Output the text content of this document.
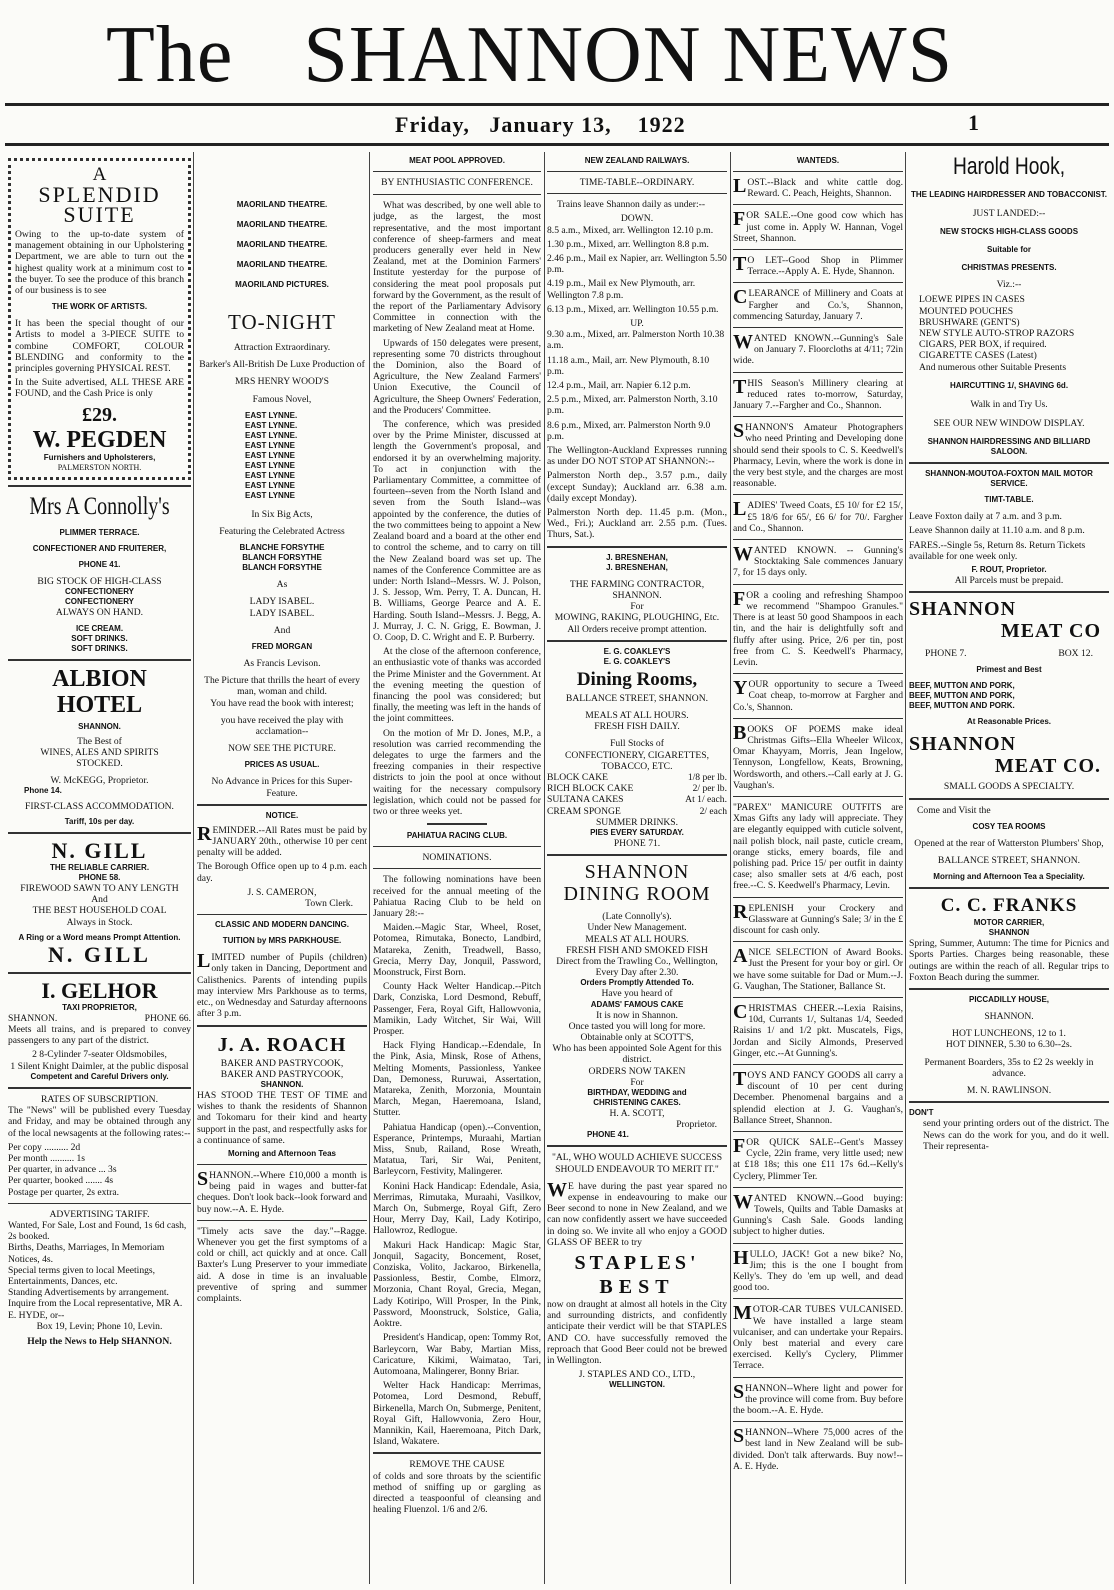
The SHANNON NEWS
Friday, January 13, 1922	1
A
SPLENDID
SUITE

Owing to the up-to-date system of management obtaining in our Upholstering Department, we are able to turn out the highest quality work at a minimum cost to the buyer. To see the produce of this branch of our business is to see

THE WORK OF ARTISTS.

It has been the special thought of our Artists to model a 3-PIECE SUITE to combine COMFORT, COLOUR BLENDING and conformity to the principles governing PHYSICAL REST.

In the Suite advertised, ALL THESE ARE FOUND, and the Cash Price is only

£29.
W. PEGDEN
Furnishers and Upholsterers,
PALMERSTON NORTH.
Mrs A Connolly's
PLIMMER TERRACE.
CONFECTIONER AND FRUITERER,
PHONE 41.
BIG STOCK OF HIGH-CLASS
CONFECTIONERY
CONFECTIONERY
ALWAYS ON HAND.
ICE CREAM.
SOFT DRINKS.
SOFT DRINKS.
ALBION
HOTEL
SHANNON.
The Best of
WINES, ALES AND SPIRITS
STOCKED.
W. McKEGG, Proprietor.
Phone 14.
FIRST-CLASS ACCOMMODATION.
Tariff, 10s per day.
N. GILL
THE RELIABLE CARRIER.
PHONE 58.
FIREWOOD SAWN TO ANY LENGTH
And
THE BEST HOUSEHOLD COAL
Always in Stock.
A Ring or a Word means Prompt Attention.
N. GILL
I. GELHOR
TAXI PROPRIETOR,
SHANNON.	PHONE 66.

Meets all trains, and is prepared to convey passengers to any part of the district.

2 8-Cylinder 7-seater Oldsmobiles,
1 Silent Knight Daimler, at the public disposal
Competent and Careful Drivers only.
RATES OF SUBSCRIPTION.

The "News" will be published every Tuesday and Friday, and may be obtained through any of the local newsagents at the following rates:--

Per copy .......... 2d
Per month .......... 1s
Per quarter, in advance ... 3s
Per quarter, booked ....... 4s
Postage per quarter, 2s extra.
ADVERTISING TARIFF.
Wanted, For Sale, Lost and Found, 1s 6d cash, 2s booked.
Births, Deaths, Marriages, In Memoriam Notices, 4s.
Special terms given to local Meetings, Entertainments, Dances, etc.
Standing Advertisements by arrangement.
Inquire from the Local representative, MR A. E. HYDE, or--
Box 19, Levin; Phone 10, Levin.
Help the News to Help SHANNON.
MAORILAND THEATRE.
MAORILAND THEATRE.
MAORILAND THEATRE.
MAORILAND THEATRE.
MAORILAND PICTURES.
TO-NIGHT
Attraction Extraordinary.
Barker's All-British De Luxe Production of
MRS HENRY WOOD'S
Famous Novel,
EAST LYNNE.
EAST LYNNE.
EAST LYNNE.
EAST LYNNE
EAST LYNNE
EAST LYNNE
EAST LYNNE
EAST LYNNE
EAST LYNNE
In Six Big Acts,
Featuring the Celebrated Actress
BLANCHE FORSYTHE
BLANCH FORSYTHE
BLANCH FORSYTHE
As
LADY ISABEL.
LADY ISABEL.
And
FRED MORGAN
As Francis Levison.
The Picture that thrills the heart of every man, woman and child.
You have read the book with interest;
you have received the play with acclamation--
NOW SEE THE PICTURE.
PRICES AS USUAL.
No Advance in Prices for this Super-Feature.
NOTICE.

REMINDER.--All Rates must be paid by JANUARY 20th., otherwise 10 per cent penalty will be added.

The Borough Office open up to 4 p.m. each day.

J. S. CAMERON,
Town Clerk.
CLASSIC AND MODERN DANCING.
TUITION by MRS PARKHOUSE.

LIMITED number of Pupils (children) only taken in Dancing, Deportment and Calisthenics. Parents of intending pupils may interview Mrs Parkhouse as to terms, etc., on Wednesday and Saturday afternoons after 3 p.m.

J. A. ROACH
BAKER AND PASTRYCOOK,
BAKER AND PASTRYCOOK,
SHANNON.

HAS STOOD THE TEST OF TIME and wishes to thank the residents of Shannon and Tokomaru for their kind and hearty support in the past, and respectfully asks for a continuance of same.

Morning and Afternoon Teas

SHANNON.--Where £10,000 a month is being paid in wages and butter-fat cheques. Don't look back--look forward and buy now.--A. E. Hyde.

"Timely acts save the day."--Ragge. Whenever you get the first symptoms of a cold or chill, act quickly and at once. Call Baxter's Lung Preserver to your immediate aid. A dose in time is an invaluable preventive of spring and summer complaints.

MEAT POOL APPROVED.
BY ENTHUSIASTIC CONFERENCE.

What was described, by one well able to judge, as the largest, the most representative, and the most important conference of sheep-farmers and meat producers generally ever held in New Zealand, met at the Dominion Farmers' Institute yesterday for the purpose of considering the meat pool proposals put forward by the Government, as the result of the report of the Parliamentary Advisory Committee in connection with the marketing of New Zealand meat at Home.

Upwards of 150 delegates were present, representing some 70 districts throughout the Dominion, also the Board of Agriculture, the New Zealand Farmers' Union Executive, the Council of Agriculture, the Sheep Owners' Federation, and the Producers' Committee.

The conference, which was presided over by the Prime Minister, discussed at length the Government's proposal, and endorsed it by an overwhelming majority. To act in conjunction with the Parliamentary Committee, a committee of fourteen--seven from the North Island and seven from the South Island--was appointed by the conference, the duties of the two committees being to appoint a New Zealand board and a board at the other end to control the scheme, and to carry on till the New Zealand board was set up. The names of the Conference Committee are as under: North Island--Messrs. W. J. Polson, J. S. Jessop, Wm. Perry, T. A. Duncan, H. B. Williams, George Pearce and A. E. Harding. South Island--Messrs. J. Begg, A. J. Murray, J. C. N. Grigg, E. Bowman, J. O. Coop, D. C. Wright and E. P. Burberry.

At the close of the afternoon conference, an enthusiastic vote of thanks was accorded the Prime Minister and the Government. At the evening meeting the question of financing the pool was considered; but finally, the meeting was left in the hands of the joint committees.

On the motion of Mr D. Jones, M.P., a resolution was carried recommending the delegates to urge the farmers and the freezing companies in their respective districts to join the pool at once without waiting for the necessary compulsory legislation, which could not be passed for two or three weeks yet.

PAHIATUA RACING CLUB.
NOMINATIONS.

The following nominations have been received for the annual meeting of the Pahiatua Racing Club to be held on January 28:--

Maiden.--Magic Star, Wheel, Roset, Potomea, Rimutaka, Bonecto, Landbird, Matareka, Zenith, Treadwell, Basso, Grecia, Merry Day, Jonquil, Password, Moonstruck, First Born.

County Hack Welter Handicap.--Pitch Dark, Conziska, Lord Desmond, Rebuff, Passenger, Fera, Royal Gift, Hallowvonia, Mamikin, Lady Witchet, Sir Wai, Will Prosper.

Hack Flying Handicap.--Edendale, In the Pink, Asia, Minsk, Rose of Athens, Melting Moments, Passionless, Yankee Dan, Demoness, Ruruwai, Assertation, Matareka, Zenith, Morzonia, Mountain March, Megan, Haeremoana, Island, Stutter.

Pahiatua Handicap (open).--Convention, Esperance, Printemps, Muraahi, Martian Miss, Snub, Railand, Rose Wreath, Matatua, Tari, Sir Wai, Penitent, Barleycorn, Festivity, Malingerer.

Konini Hack Handicap: Edendale, Asia, Merrimas, Rimutaka, Muraahi, Vasilkov, March On, Submerge, Royal Gift, Zero Hour, Merry Day, Kail, Lady Kotiripo, Hallowroz, Redlogue.

Makuri Hack Handicap: Magic Star, Jonquil, Sagacity, Boncement, Roset, Conziska, Volito, Jackaroo, Birkenella, Passionless, Bestir, Combe, Elmorz, Morzonia, Chant Royal, Grecia, Megan, Lady Kotiripo, Will Prosper, In the Pink, Password, Moonstruck, Solstice, Galia, Aoktre.

President's Handicap, open: Tommy Rot, Barleycorn, War Baby, Martian Miss, Caricature, Kikimi, Waimatao, Tari, Automoana, Malingerer, Bonny Briar.

Welter Hack Handicap: Merrimas, Potomea, Lord Desmond, Rebuff, Birkenella, March On, Submerge, Penitent, Royal Gift, Hallowvonia, Zero Hour, Mannikin, Kail, Haeremoana, Pitch Dark, Island, Wakatere.

REMOVE THE CAUSE

of colds and sore throats by the scientific method of sniffing up or gargling as directed a teaspoonful of cleansing and healing Fluenzol. 1/6 and 2/6.

NEW ZEALAND RAILWAYS.
TIME-TABLE--ORDINARY.

Trains leave Shannon daily as under:--

DOWN.

8.5 a.m., Mixed, arr. Wellington 12.10 p.m.

1.30 p.m., Mixed, arr. Wellington 8.8 p.m.

2.46 p.m., Mail ex Napier, arr. Wellington 5.50 p.m.

4.19 p.m., Mail ex New Plymouth, arr. Wellington 7.8 p.m.

6.13 p.m., Mixed, arr. Wellington 10.55 p.m.

UP.

9.30 a.m., Mixed, arr. Palmerston North 10.38 a.m.

11.18 a.m., Mail, arr. New Plymouth, 8.10 p.m.

12.4 p.m., Mail, arr. Napier 6.12 p.m.

2.5 p.m., Mixed, arr. Palmerston North, 3.10 p.m.

8.6 p.m., Mixed, arr. Palmerston North 9.0 p.m.

The Wellington-Auckland Expresses running as under DO NOT STOP AT SHANNON:--

Palmerston North dep., 3.57 p.m., daily (except Sunday); Auckland arr. 6.38 a.m. (daily except Monday).

Palmerston North dep. 11.45 p.m. (Mon., Wed., Fri.); Auckland arr. 2.55 p.m. (Tues. Thurs, Sat.).

J. BRESNEHAN,
J. BRESNEHAN,
THE FARMING CONTRACTOR,
SHANNON.
For
MOWING, RAKING, PLOUGHING, Etc.
All Orders receive prompt attention.
E. G. COAKLEY'S
E. G. COAKLEY'S
Dining Rooms,
BALLANCE STREET, SHANNON.
MEALS AT ALL HOURS.
FRESH FISH DAILY.
Full Stocks of
CONFECTIONERY, CIGARETTES, TOBACCO, ETC.
BLOCK CAKE	1/8 per lb.
RICH BLOCK CAKE	2/ per lb.
SULTANA CAKES	At 1/ each.
CREAM SPONGE	2/ each
SUMMER DRINKS.
PIES EVERY SATURDAY.
PHONE 71.
SHANNON
DINING ROOM
(Late Connolly's).
Under New Management.
MEALS AT ALL HOURS.
FRESH FISH AND SMOKED FISH
Direct from the Trawling Co., Wellington, Every Day after 2.30.
Orders Promptly Attended To.
Have you heard of
ADAMS' FAMOUS CAKE
It is now in Shannon.
Once tasted you will long for more. Obtainable only at SCOTT'S,
Who has been appointed Sole Agent for this district.
ORDERS NOW TAKEN
For
BIRTHDAY, WEDDING and
CHRISTENING CAKES.
H. A. SCOTT,
Proprietor.
PHONE 41.
"AL, WHO WOULD ACHIEVE SUCCESS SHOULD ENDEAVOUR TO MERIT IT."

WE have during the past year spared no expense in endeavouring to make our Beer second to none in New Zealand, and we can now confidently assert we have succeeded in doing so. We invite all who enjoy a GOOD GLASS OF BEER to try

STAPLES'
BEST

now on draught at almost all hotels in the City and surrounding districts, and confidently anticipate their verdict will be that STAPLES AND CO. have successfully removed the reproach that Good Beer could not be brewed in Wellington.

J. STAPLES AND CO., LTD.,
WELLINGTON.
WANTEDS.

LOST.--Black and white cattle dog. Reward. C. Peach, Heights, Shannon.

FOR SALE.--One good cow which has just come in. Apply W. Hannan, Vogel Street, Shannon.

TO LET--Good Shop in Plimmer Terrace.--Apply A. E. Hyde, Shannon.

CLEARANCE of Millinery and Coats at Fargher and Co.'s, Shannon, commencing Saturday, January 7.

WANTED KNOWN.--Gunning's Sale on January 7. Floorcloths at 4/11; 72in wide.

THIS Season's Millinery clearing at reduced rates to-morrow, Saturday, January 7.--Fargher and Co., Shannon.

SHANNON'S Amateur Photographers who need Printing and Developing done should send their spools to C. S. Keedwell's Pharmacy, Levin, where the work is done in the very best style, and the charges are most reasonable.

LADIES' Tweed Coats, £5 10/ for £2 15/, £5 18/6 for 65/, £6 6/ for 70/. Fargher and Co., Shannon.

WANTED KNOWN. -- Gunning's Stocktaking Sale commences January 7, for 15 days only.

FOR a cooling and refreshing Shampoo we recommend "Shampoo Granules." There is at least 50 good Shampoos in each tin, and the hair is delightfully soft and fluffy after using. Price, 2/6 per tin, post free from C. S. Keedwell's Pharmacy, Levin.

YOUR opportunity to secure a Tweed Coat cheap, to-morrow at Fargher and Co.'s, Shannon.

BOOKS OF POEMS make ideal Christmas Gifts--Ella Wheeler Wilcox, Omar Khayyam, Morris, Jean Ingelow, Tennyson, Longfellow, Keats, Browning, Wordsworth, and others.--Call early at J. G. Vaughan's.

"PAREX" MANICURE OUTFITS are Xmas Gifts any lady will appreciate. They are elegantly equipped with cuticle solvent, nail polish block, nail paste, cuticle cream, orange sticks, emery boards, file and polishing pad. Price 15/ per outfit in dainty case; also smaller sets at 4/6 each, post free.--C. S. Keedwell's Pharmacy, Levin.

REPLENISH your Crockery and Glassware at Gunning's Sale; 3/ in the £ discount for cash only.

ANICE SELECTION of Award Books. Just the Present for your boy or girl. Or we have some suitable for Dad or Mum.--J. G. Vaughan, The Stationer, Ballance St.

CHRISTMAS CHEER.--Lexia Raisins, 10d, Currants 1/, Sultanas 1/4, Seeded Raisins 1/ and 1/2 pkt. Muscatels, Figs, Jordan and Sicily Almonds, Preserved Ginger, etc.--At Gunning's.

TOYS AND FANCY GOODS all carry a discount of 10 per cent during December. Phenomenal bargains and a splendid election at J. G. Vaughan's, Ballance Street, Shannon.

FOR QUICK SALE--Gent's Massey Cycle, 22in frame, very little used; new at £18 18s; this one £11 17s 6d.--Kelly's Cyclery, Plimmer Ter.

WANTED KNOWN.--Good buying: Towels, Quilts and Table Damasks at Gunning's Cash Sale. Goods landing subject to higher duties.

HULLO, JACK! Got a new bike? No, Jim; this is the one I bought from Kelly's. They do 'em up well, and dead good too.

MOTOR-CAR TUBES VULCANISED. We have installed a large steam vulcaniser, and can undertake your Repairs. Only best material and every care exercised. Kelly's Cyclery, Plimmer Terrace.

SHANNON--Where light and power for the province will come from. Buy before the boom.--A. E. Hyde.

SHANNON--Where 75,000 acres of the best land in New Zealand will be sub-divided. Don't talk afterwards. Buy now!--A. E. Hyde.

Harold Hook,
THE LEADING HAIRDRESSER AND TOBACCONIST.
JUST LANDED:--
NEW STOCKS HIGH-CLASS GOODS
Suitable for
CHRISTMAS PRESENTS.
Viz.:--
LOEWE PIPES IN CASES
MOUNTED POUCHES
BRUSHWARE (GENT'S)
NEW STYLE AUTO-STROP RAZORS
CIGARS, PER BOX, if required.
CIGARETTE CASES (Latest)
And numerous other Suitable Presents
HAIRCUTTING 1/, SHAVING 6d.
Walk in and Try Us.
SEE OUR NEW WINDOW DISPLAY.
SHANNON HAIRDRESSING AND BILLIARD SALOON.
SHANNON-MOUTOA-FOXTON MAIL MOTOR SERVICE.
TIMT-TABLE.

Leave Foxton daily at 7 a.m. and 3 p.m.

Leave Shannon daily at 11.10 a.m. and 8 p.m.

FARES.--Single 5s, Return 8s. Return Tickets available for one week only.

F. ROUT, Proprietor.
All Parcels must be prepaid.
SHANNON
MEAT CO
PHONE 7.	BOX 12.
Primest and Best
BEEF, MUTTON AND PORK,
BEEF, MUTTON AND PORK,
BEEF, MUTTON AND PORK.
At Reasonable Prices.
SHANNON
MEAT CO.
SMALL GOODS A SPECIALTY.
Come and Visit the
COSY TEA ROOMS
Opened at the rear of Watterston Plumbers' Shop,
BALLANCE STREET, SHANNON.
Morning and Afternoon Tea a Speciality.
C. C. FRANKS
MOTOR CARRIER,
SHANNON

Spring, Summer, Autumn: The time for Picnics and Sports Parties. Charges being reasonable, these outings are within the reach of all. Regular trips to Foxton Beach during the summer.

PICCADILLY HOUSE,
SHANNON.
HOT LUNCHEONS, 12 to 1.
HOT DINNER, 5.30 to 6.30--2s.
Permanent Boarders, 35s to £2 2s weekly in advance.
M. N. RAWLINSON.
DON'T

send your printing orders out of the district. The News can do the work for you, and do it well. Their representa-
